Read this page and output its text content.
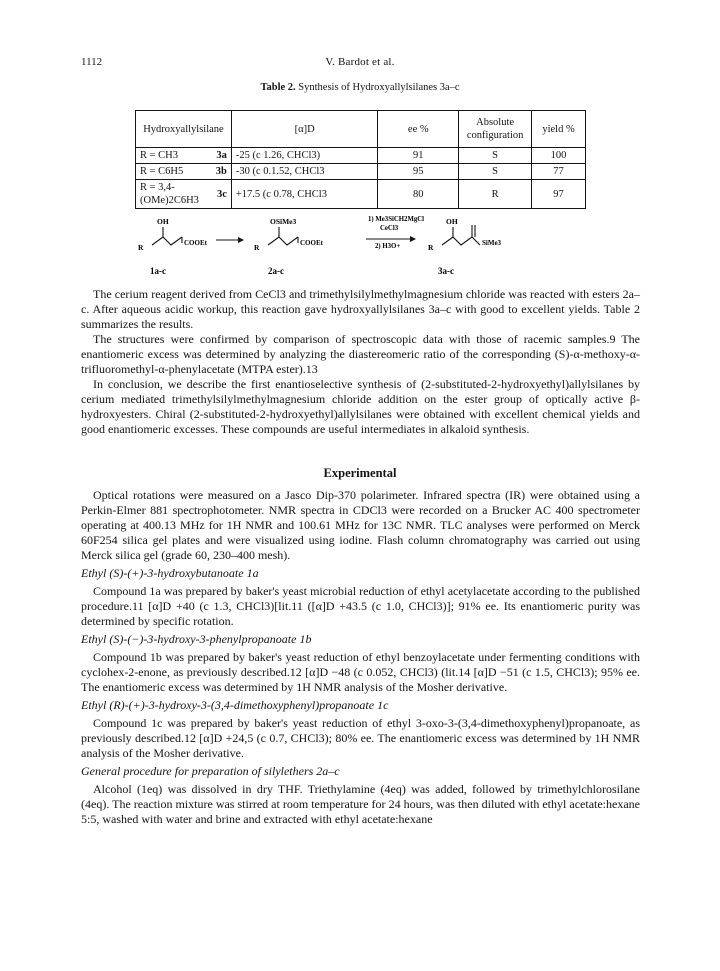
1112	V. Bardot et al.
Table 2. Synthesis of Hydroxyallylsilanes 3a–c
Hydroxyallylsilane		[α]D	ee %	Absolute configuration	yield %
R = CH3	3a	-25 (c 1.26, CHCl3)	91	S	100
R = C6H5	3b	-30 (c 0.1.52, CHCl3	95	S	77
R = 3,4-(OMe)2C6H3	3c	+17.5 (c 0.78, CHCl3	80	R	97
OH
R	COOEt
OSiMe3
R	COOEt
1) Me3SiCH2MgCl
CeCl3
2) H3O+
OH
R	SiMe3
1a-c	2a-c	3a-c

The cerium reagent derived from CeCl3 and trimethylsilylmethylmagnesium chloride was reacted with esters 2a–c. After aqueous acidic workup, this reaction gave hydroxyallylsilanes 3a–c with good to excellent yields. Table 2 summarizes the results.

The structures were confirmed by comparison of spectroscopic data with those of racemic samples.9 The enantiomeric excess was determined by analyzing the diastereomeric ratio of the corresponding (S)-α-methoxy-α-trifluoromethyl-α-phenylacetate (MTPA ester).13

In conclusion, we describe the first enantioselective synthesis of (2-substituted-2-hydroxyethyl)allylsilanes by cerium mediated trimethylsilylmethylmagnesium chloride addition on the ester group of optically active β-hydroxyesters. Chiral (2-substituted-2-hydroxyethyl)allylsilanes were obtained with excellent chemical yields and good enantiomeric excesses. These compounds are useful intermediates in alkaloid synthesis.

Experimental

Optical rotations were measured on a Jasco Dip-370 polarimeter. Infrared spectra (IR) were obtained using a Perkin-Elmer 881 spectrophotometer. NMR spectra in CDCl3 were recorded on a Brucker AC 400 spectrometer operating at 400.13 MHz for 1H NMR and 100.61 MHz for 13C NMR. TLC analyses were performed on Merck 60F254 silica gel plates and were visualized using iodine. Flash column chromatography was carried out using Merck silica gel (grade 60, 230–400 mesh).

Ethyl (S)-(+)-3-hydroxybutanoate 1a

Compound 1a was prepared by baker's yeast microbial reduction of ethyl acetylacetate according to the published procedure.11 [α]D +40 (c 1.3, CHCl3)[lit.11 ([α]D +43.5 (c 1.0, CHCl3)]; 91% ee. Its enantiomeric purity was determined by specific rotation.

Ethyl (S)-(−)-3-hydroxy-3-phenylpropanoate 1b

Compound 1b was prepared by baker's yeast reduction of ethyl benzoylacetate under fermenting conditions with cyclohex-2-enone, as previously described.12 [α]D −48 (c 0.052, CHCl3) (lit.14 [α]D −51 (c 1.5, CHCl3); 95% ee. The enantiomeric excess was determined by 1H NMR analysis of the Mosher derivative.

Ethyl (R)-(+)-3-hydroxy-3-(3,4-dimethoxyphenyl)propanoate 1c

Compound 1c was prepared by baker's yeast reduction of ethyl 3-oxo-3-(3,4-dimethoxyphenyl)propanoate, as previously described.12 [α]D +24,5 (c 0.7, CHCl3); 80% ee. The enantiomeric excess was determined by 1H NMR analysis of the Mosher derivative.

General procedure for preparation of silylethers 2a–c

Alcohol (1eq) was dissolved in dry THF. Triethylamine (4eq) was added, followed by trimethylchlorosilane (4eq). The reaction mixture was stirred at room temperature for 24 hours, was then diluted with ethyl acetate:hexane 5:5, washed with water and brine and extracted with ethyl acetate:hexane
